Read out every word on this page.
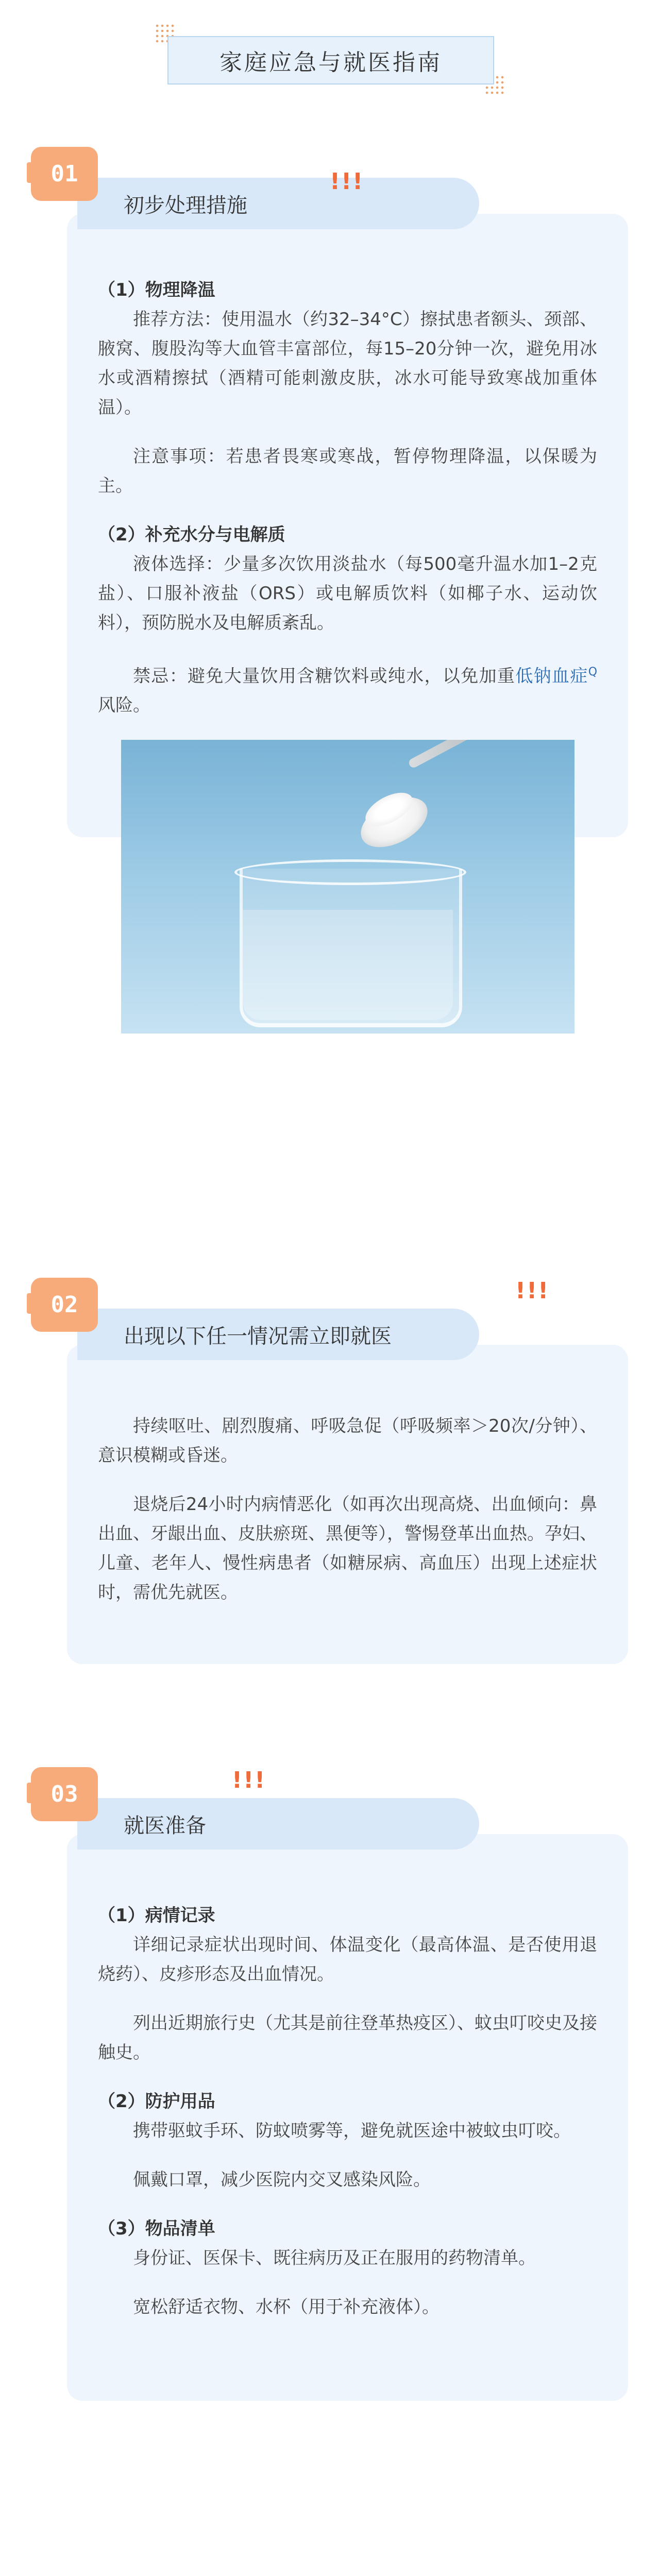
家庭应急与就医指南
01
初步处理措施
!!!

（1）物理降温

推荐方法：使用温水（约32–34°C）擦拭患者额头、颈部、腋窝、腹股沟等大血管丰富部位，每15–20分钟一次，避免用冰水或酒精擦拭（酒精可能刺激皮肤，冰水可能导致寒战加重体温）。

注意事项：若患者畏寒或寒战，暂停物理降温，以保暖为主。

（2）补充水分与电解质

液体选择：少量多次饮用淡盐水（每500毫升温水加1–2克盐）、口服补液盐（ORS）或电解质饮料（如椰子水、运动饮料），预防脱水及电解质紊乱。

禁忌：避免大量饮用含糖饮料或纯水，以免加重低钠血症$^Q$风险。

02
出现以下任一情况需立即就医
!!!

持续呕吐、剧烈腹痛、呼吸急促（呼吸频率＞20次/分钟）、意识模糊或昏迷。

退烧后24小时内病情恶化（如再次出现高烧、出血倾向：鼻出血、牙龈出血、皮肤瘀斑、黑便等），警惕登革出血热。孕妇、儿童、老年人、慢性病患者（如糖尿病、高血压）出现上述症状时，需优先就医。

03
就医准备
!!!

（1）病情记录

详细记录症状出现时间、体温变化（最高体温、是否使用退烧药）、皮疹形态及出血情况。

列出近期旅行史（尤其是前往登革热疫区）、蚊虫叮咬史及接触史。

（2）防护用品

携带驱蚊手环、防蚊喷雾等，避免就医途中被蚊虫叮咬。

佩戴口罩，减少医院内交叉感染风险。

（3）物品清单

身份证、医保卡、既往病历及正在服用的药物清单。

宽松舒适衣物、水杯（用于补充液体）。
